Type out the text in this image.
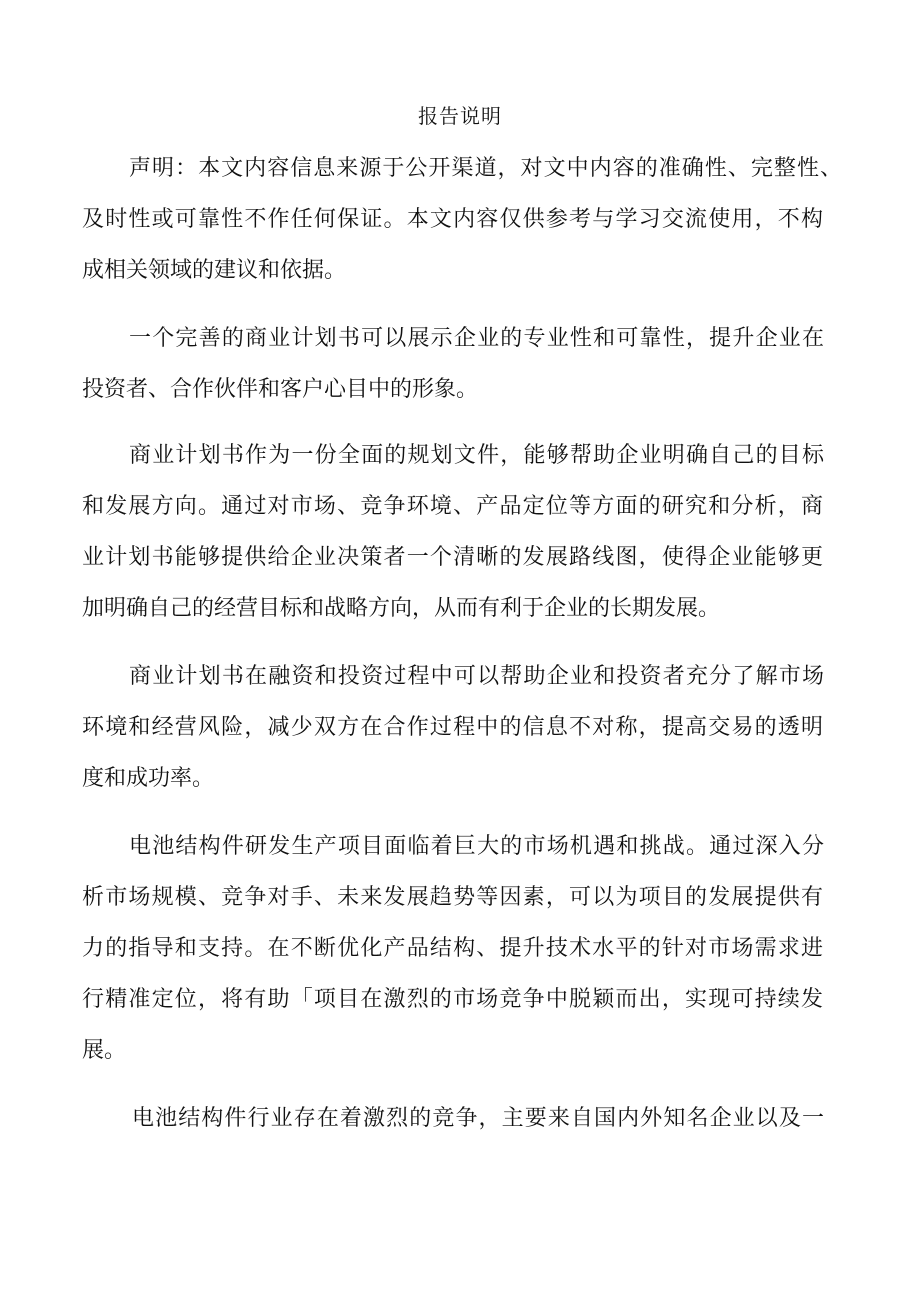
报告说明
声明：本文内容信息来源于公开渠道，对文中内容的准确性、完整性、
及时性或可靠性不作任何保证。本文内容仅供参考与学习交流使用，不构
成相关领域的建议和依据。
一个完善的商业计划书可以展示企业的专业性和可靠性，提升企业在
投资者、合作伙伴和客户心目中的形象。
商业计划书作为一份全面的规划文件，能够帮助企业明确自己的目标
和发展方向。通过对市场、竞争环境、产品定位等方面的研究和分析，商
业计划书能够提供给企业决策者一个清晰的发展路线图，使得企业能够更
加明确自己的经营目标和战略方向，从而有利于企业的长期发展。
商业计划书在融资和投资过程中可以帮助企业和投资者充分了解市场
环境和经营风险，减少双方在合作过程中的信息不对称，提高交易的透明
度和成功率。
电池结构件研发生产项目面临着巨大的市场机遇和挑战。通过深入分
析市场规模、竞争对手、未来发展趋势等因素，可以为项目的发展提供有
力的指导和支持。在不断优化产品结构、提升技术水平的针对市场需求进
行精准定位，将有助「项目在激烈的市场竞争中脱颖而出，实现可持续发
展。
电池结构件行业存在着激烈的竞争，主要来自国内外知名企业以及一
